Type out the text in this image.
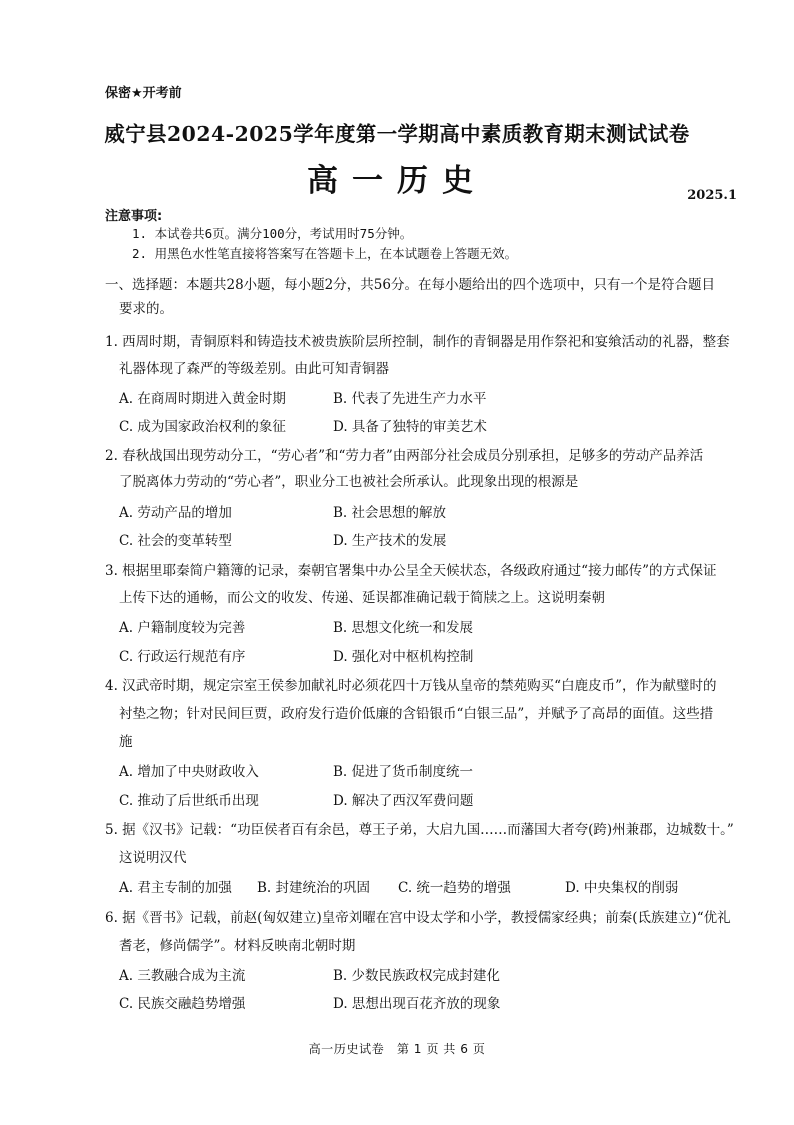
保密★开考前
威宁县2024-2025学年度第一学期高中素质教育期末测试试卷
高一历史	2025.1
注意事项:
1. 本试卷共6页。满分100分，考试用时75分钟。
2. 用黑色水性笔直接将答案写在答题卡上，在本试题卷上答题无效。
一、选择题：本题共28小题，每小题2分，共56分。在每小题给出的四个选项中，只有一个是符合题目
要求的。
1. 西周时期，青铜原料和铸造技术被贵族阶层所控制，制作的青铜器是用作祭祀和宴飨活动的礼器，整套
礼器体现了森严的等级差别。由此可知青铜器
A. 在商周时期进入黄金时期	B. 代表了先进生产力水平
C. 成为国家政治权利的象征	D. 具备了独特的审美艺术
2. 春秋战国出现劳动分工，“劳心者”和“劳力者”由两部分社会成员分别承担，足够多的劳动产品养活
了脱离体力劳动的“劳心者”，职业分工也被社会所承认。此现象出现的根源是
A. 劳动产品的增加	B. 社会思想的解放
C. 社会的变革转型	D. 生产技术的发展
3. 根据里耶秦简户籍簿的记录，秦朝官署集中办公呈全天候状态，各级政府通过“接力邮传”的方式保证
上传下达的通畅，而公文的收发、传递、延误都准确记载于简牍之上。这说明秦朝
A. 户籍制度较为完善	B. 思想文化统一和发展
C. 行政运行规范有序	D. 强化对中枢机构控制
4. 汉武帝时期，规定宗室王侯参加献礼时必须花四十万钱从皇帝的禁苑购买“白鹿皮币”，作为献璧时的
衬垫之物；针对民间巨贾，政府发行造价低廉的含铅银币“白银三品”，并赋予了高昂的面值。这些措
施
A. 增加了中央财政收入	B. 促进了货币制度统一
C. 推动了后世纸币出现	D. 解决了西汉军费问题
5. 据《汉书》记载：“功臣侯者百有余邑，尊王子弟，大启九国……而藩国大者夸(跨)州兼郡，边城数十。”
这说明汉代
A. 君主专制的加强 B. 封建统治的巩固 C. 统一趋势的增强	D. 中央集权的削弱
6. 据《晋书》记载，前赵(匈奴建立)皇帝刘曜在宫中设太学和小学，教授儒家经典；前秦(氐族建立)“优礼
耆老，修尚儒学”。材料反映南北朝时期
A. 三教融合成为主流	B. 少数民族政权完成封建化
C. 民族交融趋势增强	D. 思想出现百花齐放的现象
高一历史试卷　第 1 页 共 6 页
